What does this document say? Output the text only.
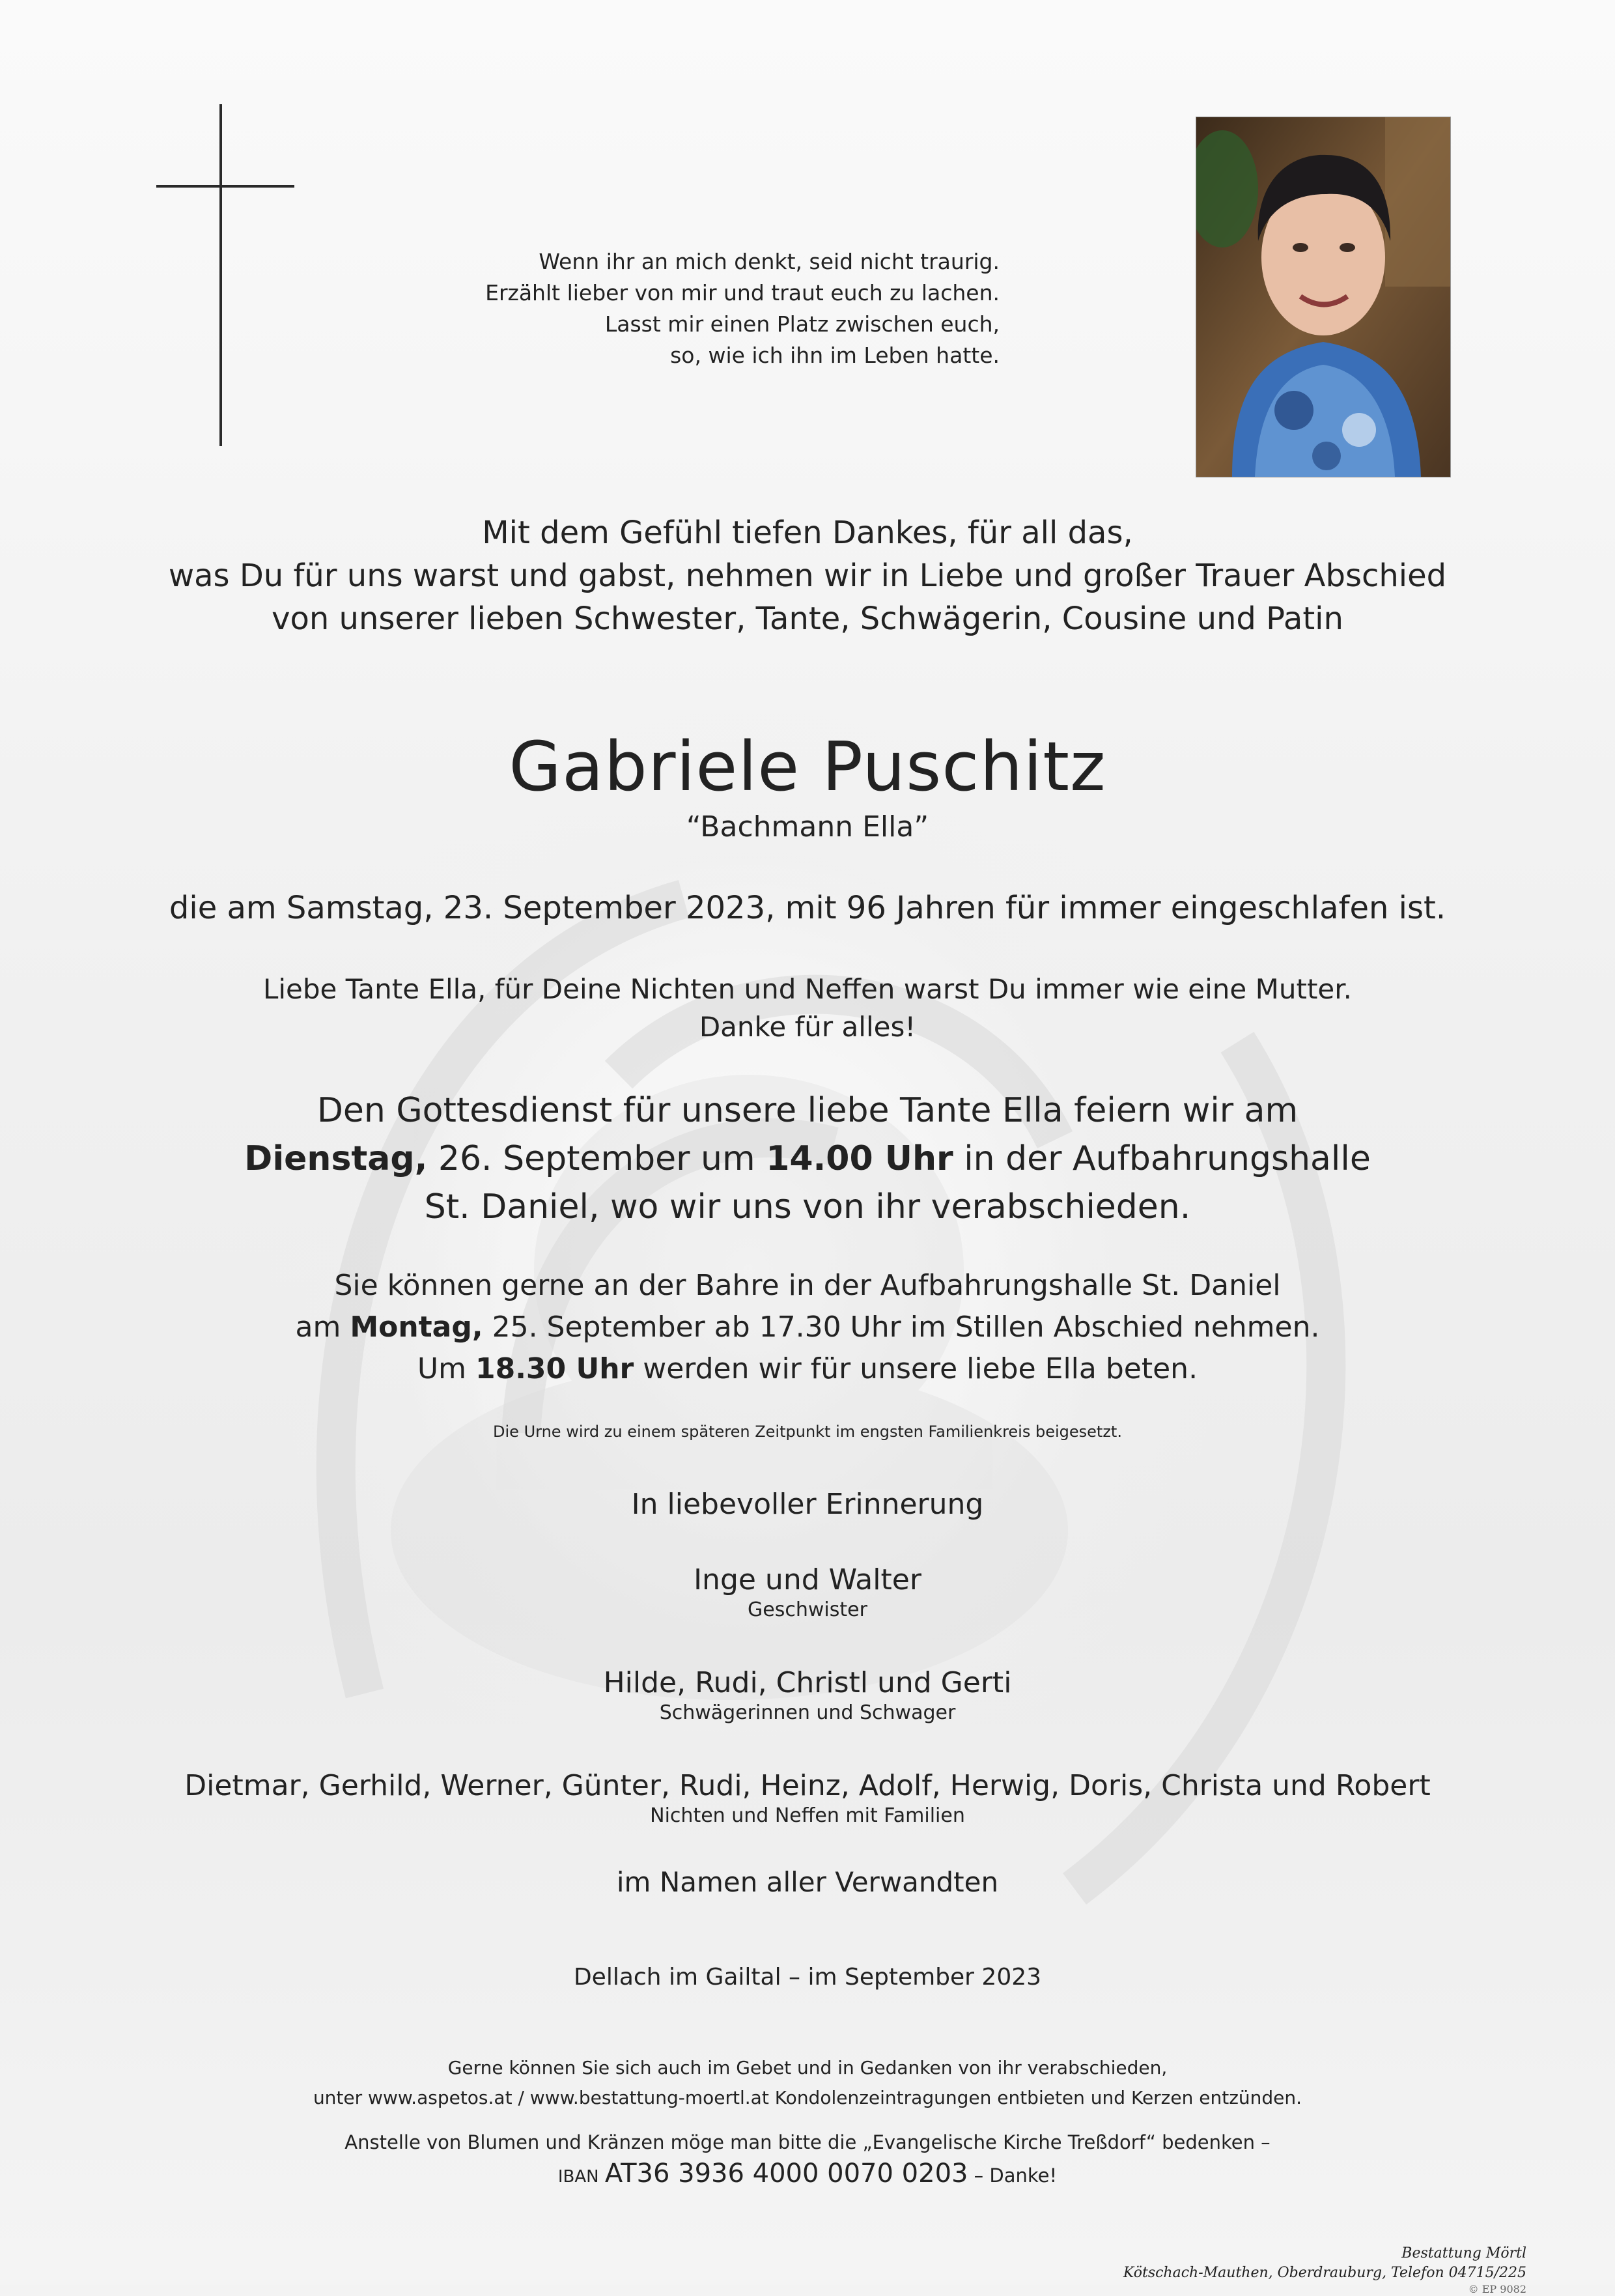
Wenn ihr an mich denkt, seid nicht traurig.
Erzählt lieber von mir und traut euch zu lachen.
Lasst mir einen Platz zwischen euch,
so, wie ich ihn im Leben hatte.
Mit dem Gefühl tiefen Dankes, für all das,
was Du für uns warst und gabst, nehmen wir in Liebe und großer Trauer Abschied
von unserer lieben Schwester, Tante, Schwägerin, Cousine und Patin
Gabriele Puschitz
“Bachmann Ella”
die am Samstag, 23. September 2023, mit 96 Jahren für immer eingeschlafen ist.
Liebe Tante Ella, für Deine Nichten und Neffen warst Du immer wie eine Mutter.
Danke für alles!
Den Gottesdienst für unsere liebe Tante Ella feiern wir am
Dienstag, 26. September um 14.00 Uhr in der Aufbahrungshalle
St. Daniel, wo wir uns von ihr verabschieden.
Sie können gerne an der Bahre in der Aufbahrungshalle St. Daniel
am Montag, 25. September ab 17.30 Uhr im Stillen Abschied nehmen.
Um 18.30 Uhr werden wir für unsere liebe Ella beten.
Die Urne wird zu einem späteren Zeitpunkt im engsten Familienkreis beigesetzt.
In liebevoller Erinnerung
Inge und Walter
Geschwister
Hilde, Rudi, Christl und Gerti
Schwägerinnen und Schwager
Dietmar, Gerhild, Werner, Günter, Rudi, Heinz, Adolf, Herwig, Doris, Christa und Robert
Nichten und Neffen mit Familien
im Namen aller Verwandten
Dellach im Gailtal – im September 2023
Gerne können Sie sich auch im Gebet und in Gedanken von ihr verabschieden,
unter www.aspetos.at / www.bestattung-moertl.at Kondolenzeintragungen entbieten und Kerzen entzünden.
Anstelle von Blumen und Kränzen möge man bitte die „Evangelische Kirche Treßdorf“ bedenken –
IBAN AT36 3936 4000 0070 0203 – Danke!
Bestattung Mörtl
Kötschach-Mauthen, Oberdrauburg, Telefon 04715/225
© EP 9082
